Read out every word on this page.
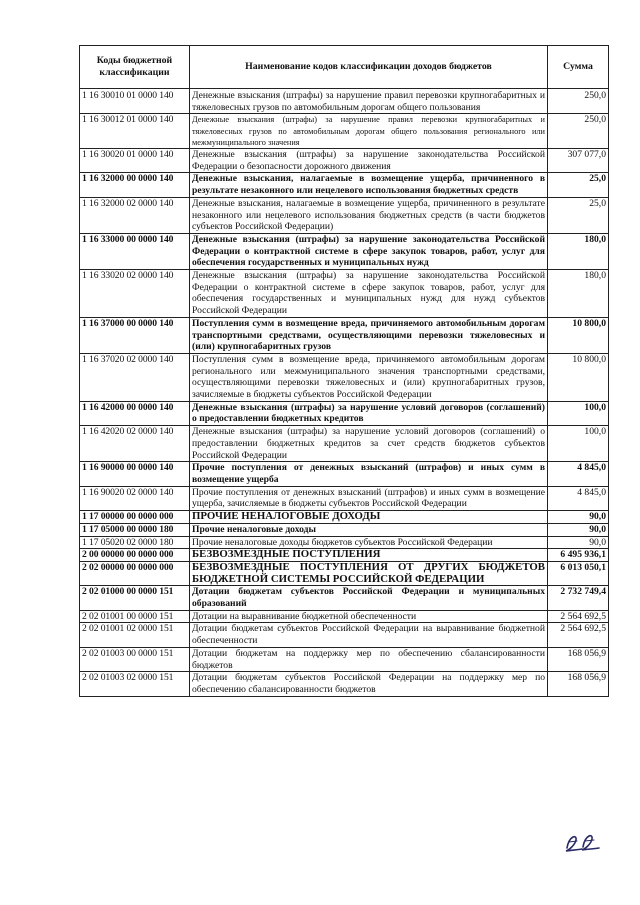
Коды бюджетной классификации	Наименование кодов классификации доходов бюджетов	Сумма
1 16 30010 01 0000 140	Денежные взыскания (штрафы) за нарушение правил перевозки крупногабаритных и тяжеловесных грузов по автомобильным дорогам общего пользования	250,0
1 16 30012 01 0000 140	Денежные взыскания (штрафы) за нарушение правил перевозки крупногабаритных и тяжеловесных грузов по автомобильным дорогам общего пользования регионального или межмуниципального значения	250,0
1 16 30020 01 0000 140	Денежные взыскания (штрафы) за нарушение законодательства Российской Федерации о безопасности дорожного движения	307 077,0
1 16 32000 00 0000 140	Денежные взыскания, налагаемые в возмещение ущерба, причиненного в результате незаконного или нецелевого использования бюджетных средств	25,0
1 16 32000 02 0000 140	Денежные взыскания, налагаемые в возмещение ущерба, причиненного в результате незаконного или нецелевого использования бюджетных средств (в части бюджетов субъектов Российской Федерации)	25,0
1 16 33000 00 0000 140	Денежные взыскания (штрафы) за нарушение законодательства Российской Федерации о контрактной системе в сфере закупок товаров, работ, услуг для обеспечения государственных и муниципальных нужд	180,0
1 16 33020 02 0000 140	Денежные взыскания (штрафы) за нарушение законодательства Российской Федерации о контрактной системе в сфере закупок товаров, работ, услуг для обеспечения государственных и муниципальных нужд для нужд субъектов Российской Федерации	180,0
1 16 37000 00 0000 140	Поступления сумм в возмещение вреда, причиняемого автомобильным дорогам транспортными средствами, осуществляющими перевозки тяжеловесных и (или) крупногабаритных грузов	10 800,0
1 16 37020 02 0000 140	Поступления сумм в возмещение вреда, причиняемого автомобильным дорогам регионального или межмуниципального значения транспортными средствами, осуществляющими перевозки тяжеловесных и (или) крупногабаритных грузов, зачисляемые в бюджеты субъектов Российской Федерации	10 800,0
1 16 42000 00 0000 140	Денежные взыскания (штрафы) за нарушение условий договоров (соглашений) о предоставлении бюджетных кредитов	100,0
1 16 42020 02 0000 140	Денежные взыскания (штрафы) за нарушение условий договоров (соглашений) о предоставлении бюджетных кредитов за счет средств бюджетов субъектов Российской Федерации	100,0
1 16 90000 00 0000 140	Прочие поступления от денежных взысканий (штрафов) и иных сумм в возмещение ущерба	4 845,0
1 16 90020 02 0000 140	Прочие поступления от денежных взысканий (штрафов) и иных сумм в возмещение ущерба, зачисляемые в бюджеты субъектов Российской Федерации	4 845,0
1 17 00000 00 0000 000	ПРОЧИЕ НЕНАЛОГОВЫЕ ДОХОДЫ	90,0
1 17 05000 00 0000 180	Прочие неналоговые доходы	90,0
1 17 05020 02 0000 180	Прочие неналоговые доходы бюджетов субъектов Российской Федерации	90,0
2 00 00000 00 0000 000	БЕЗВОЗМЕЗДНЫЕ ПОСТУПЛЕНИЯ	6 495 936,1
2 02 00000 00 0000 000	БЕЗВОЗМЕЗДНЫЕ ПОСТУПЛЕНИЯ ОТ ДРУГИХ БЮДЖЕТОВ БЮДЖЕТНОЙ СИСТЕМЫ РОССИЙСКОЙ ФЕДЕРАЦИИ	6 013 050,1
2 02 01000 00 0000 151	Дотации бюджетам субъектов Российской Федерации и муниципальных образований	2 732 749,4
2 02 01001 00 0000 151	Дотации на выравнивание бюджетной обеспеченности	2 564 692,5
2 02 01001 02 0000 151	Дотации бюджетам субъектов Российской Федерации на выравнивание бюджетной обеспеченности	2 564 692,5
2 02 01003 00 0000 151	Дотации бюджетам на поддержку мер по обеспечению сбалансированности бюджетов	168 056,9
2 02 01003 02 0000 151	Дотации бюджетам субъектов Российской Федерации на поддержку мер по обеспечению сбалансированности бюджетов	168 056,9
